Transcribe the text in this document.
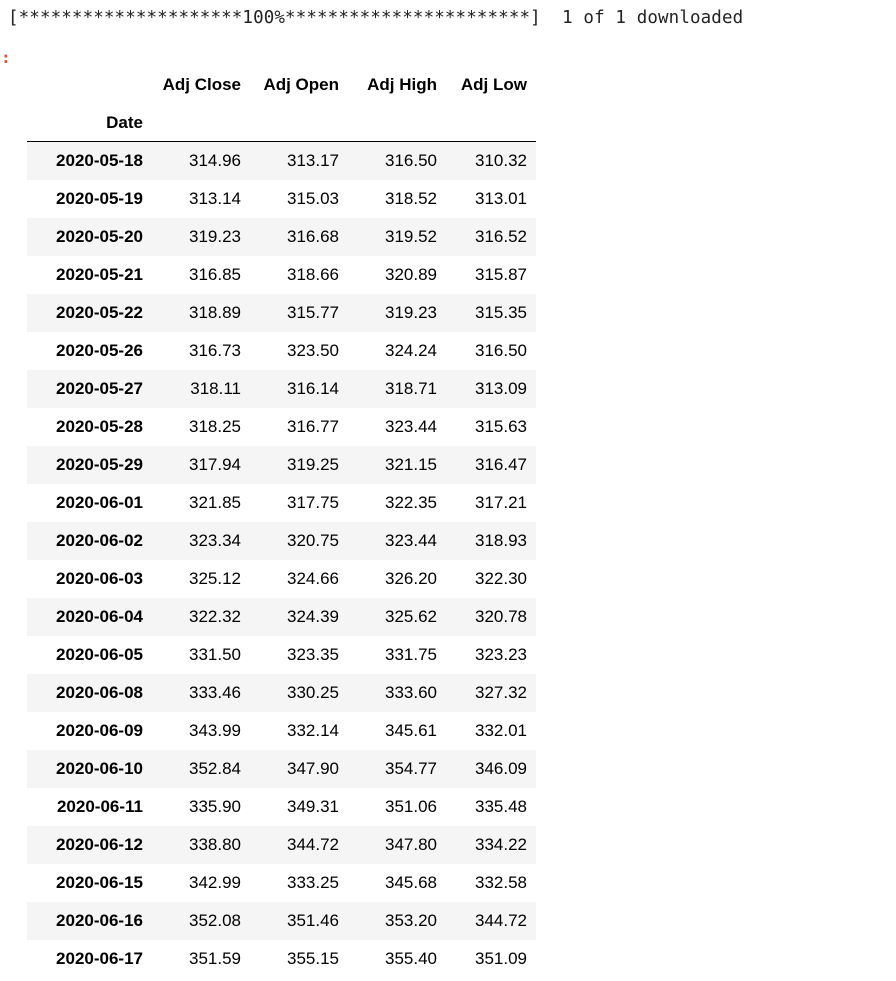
[*********************100%***********************]  1 of 1 downloaded
:
	Adj Close	Adj Open	Adj High	Adj Low
Date				
2020-05-18	314.96	313.17	316.50	310.32
2020-05-19	313.14	315.03	318.52	313.01
2020-05-20	319.23	316.68	319.52	316.52
2020-05-21	316.85	318.66	320.89	315.87
2020-05-22	318.89	315.77	319.23	315.35
2020-05-26	316.73	323.50	324.24	316.50
2020-05-27	318.11	316.14	318.71	313.09
2020-05-28	318.25	316.77	323.44	315.63
2020-05-29	317.94	319.25	321.15	316.47
2020-06-01	321.85	317.75	322.35	317.21
2020-06-02	323.34	320.75	323.44	318.93
2020-06-03	325.12	324.66	326.20	322.30
2020-06-04	322.32	324.39	325.62	320.78
2020-06-05	331.50	323.35	331.75	323.23
2020-06-08	333.46	330.25	333.60	327.32
2020-06-09	343.99	332.14	345.61	332.01
2020-06-10	352.84	347.90	354.77	346.09
2020-06-11	335.90	349.31	351.06	335.48
2020-06-12	338.80	344.72	347.80	334.22
2020-06-15	342.99	333.25	345.68	332.58
2020-06-16	352.08	351.46	353.20	344.72
2020-06-17	351.59	355.15	355.40	351.09
